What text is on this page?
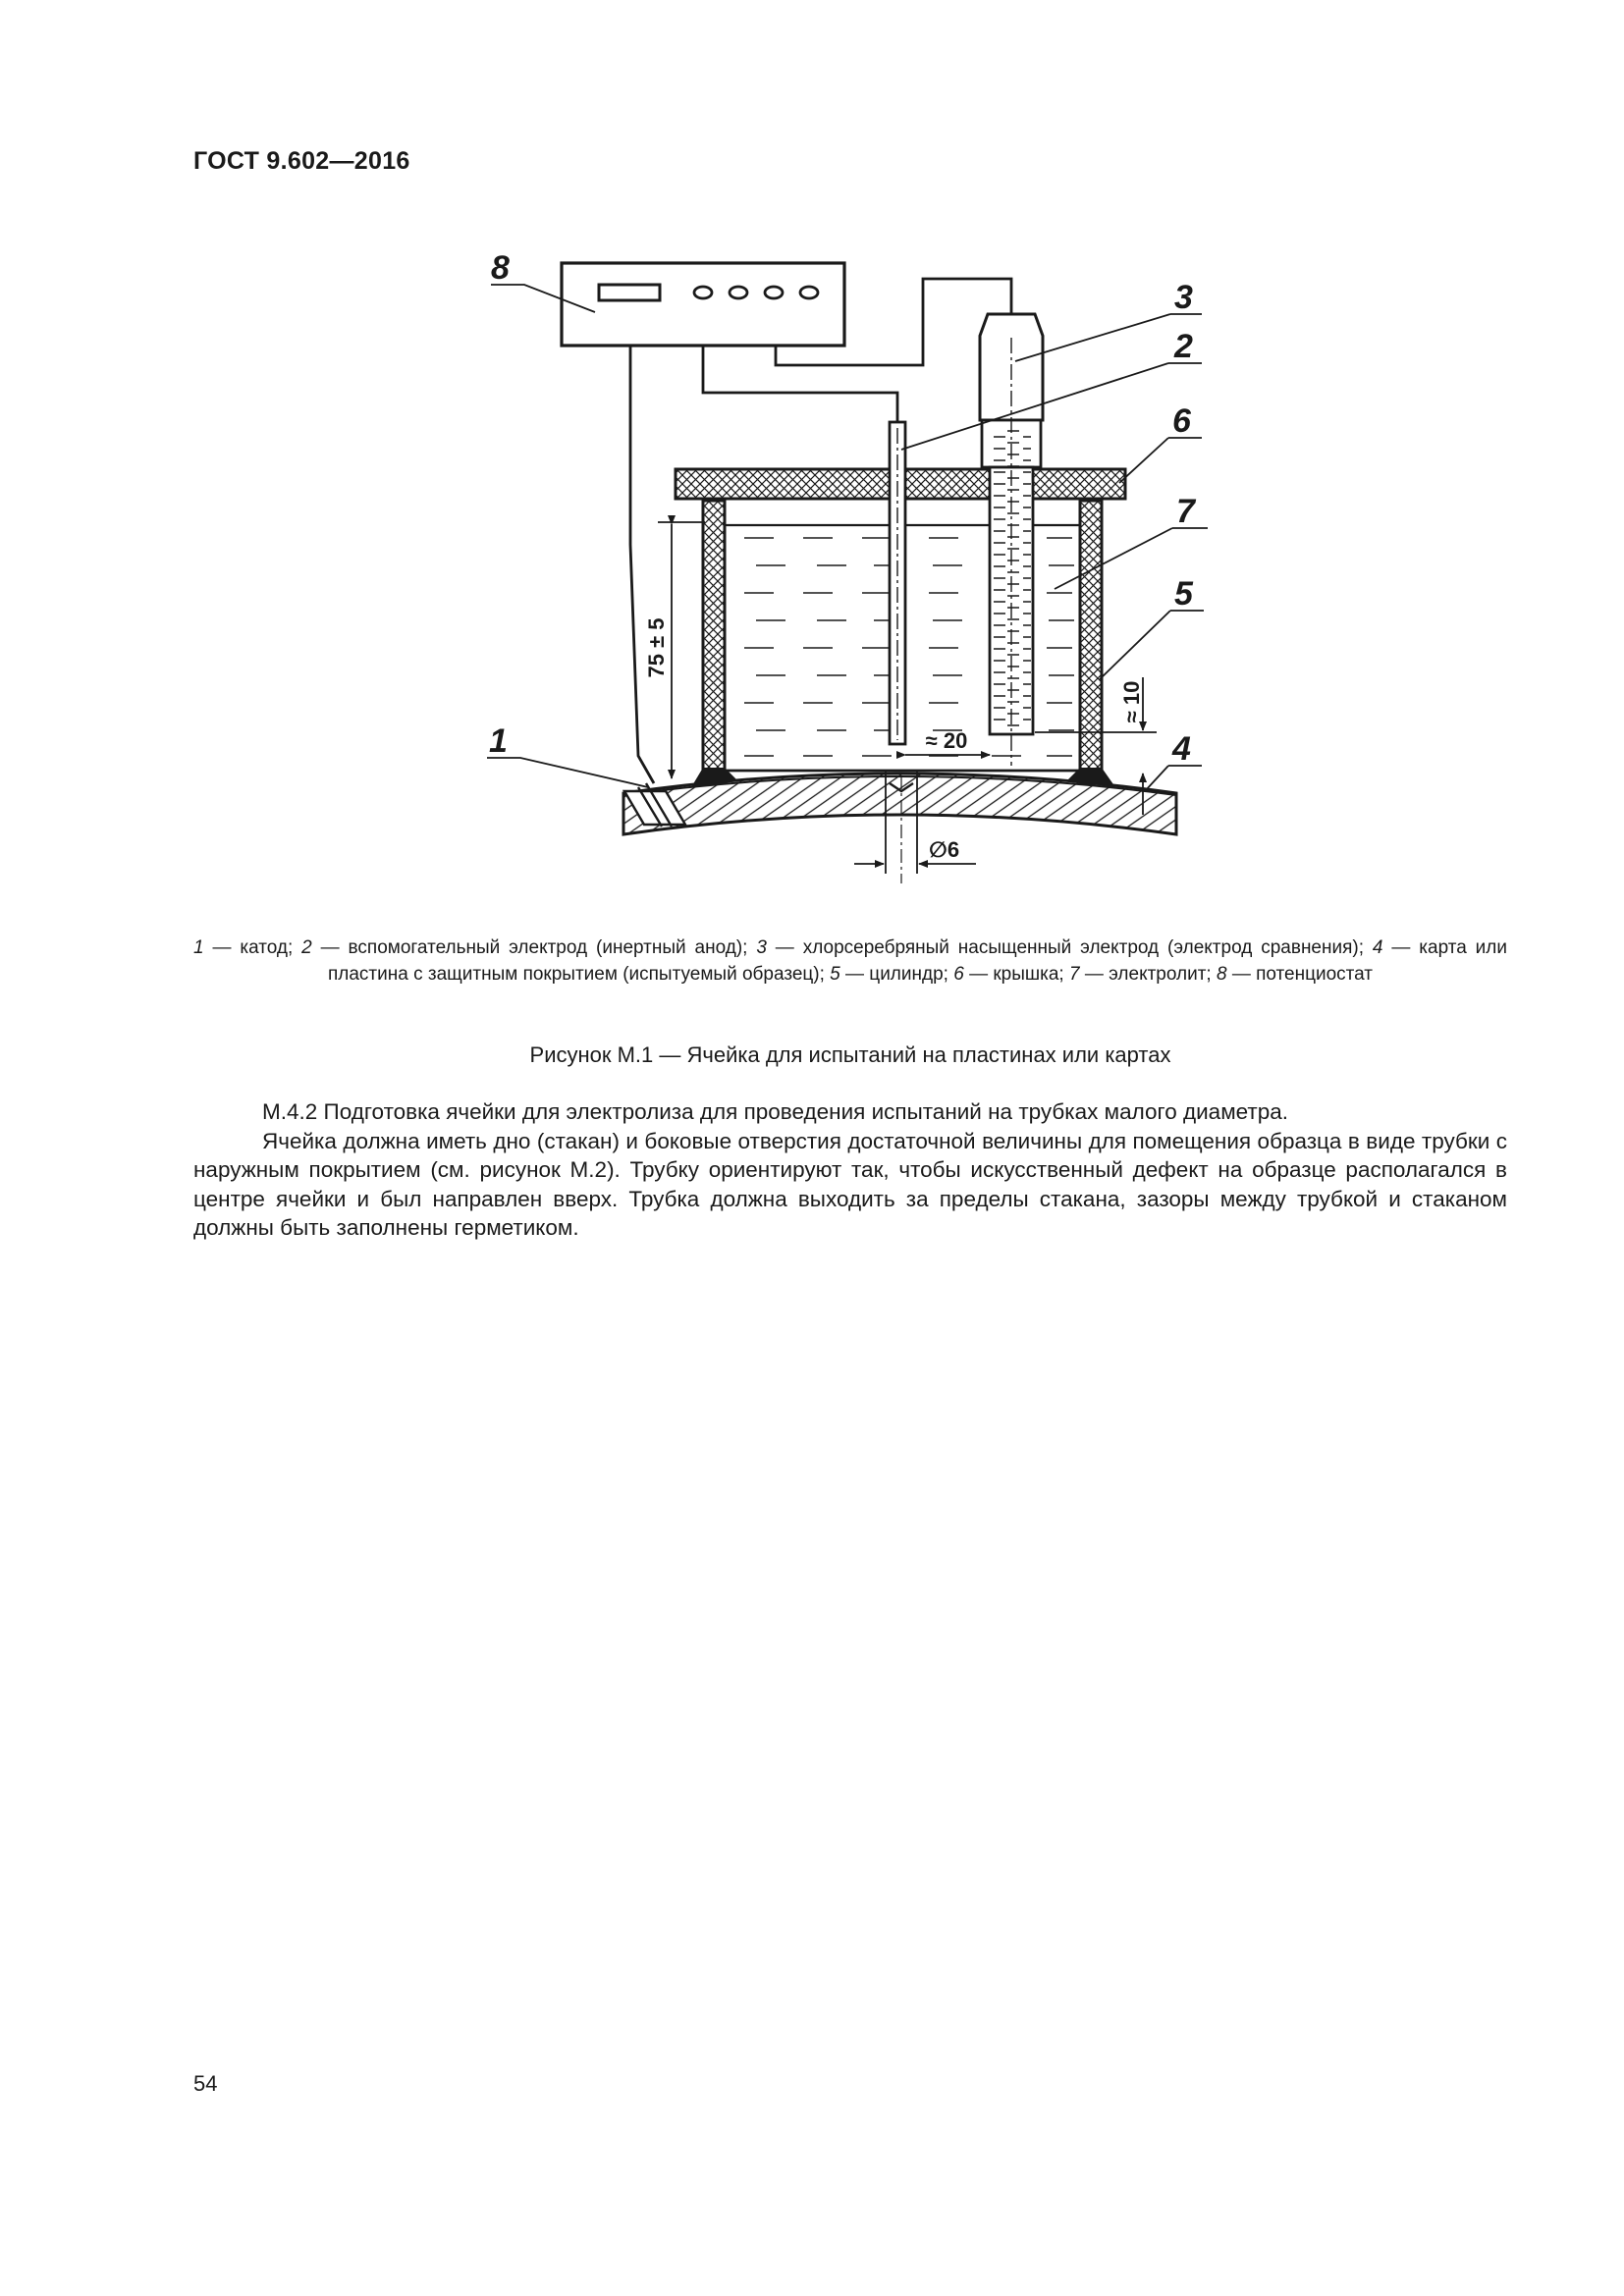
ГОСТ 9.602—2016
75 ± 5
≈ 20
≈ 10
∅6
8
3
2
6
7
5
4
1
1 — катод; 2 — вспомогательный электрод (инертный анод); 3 — хлорсеребряный насыщенный электрод (электрод сравнения); 4 — карта или пластина с защитным покрытием (испытуемый образец); 5 — цилиндр; 6 — крышка; 7 — электролит; 8 — потенциостат
Рисунок М.1 — Ячейка для испытаний на пластинах или картах

М.4.2 Подготовка ячейки для электролиза для проведения испытаний на трубках малого диаметра.

Ячейка должна иметь дно (стакан) и боковые отверстия достаточной величины для помещения образца в виде трубки с наружным покрытием (см. рисунок М.2). Трубку ориентируют так, чтобы искусственный дефект на образце располагался в центре ячейки и был направлен вверх. Трубка должна выходить за пределы стакана, зазоры между трубкой и стаканом должны быть заполнены герметиком.

54
